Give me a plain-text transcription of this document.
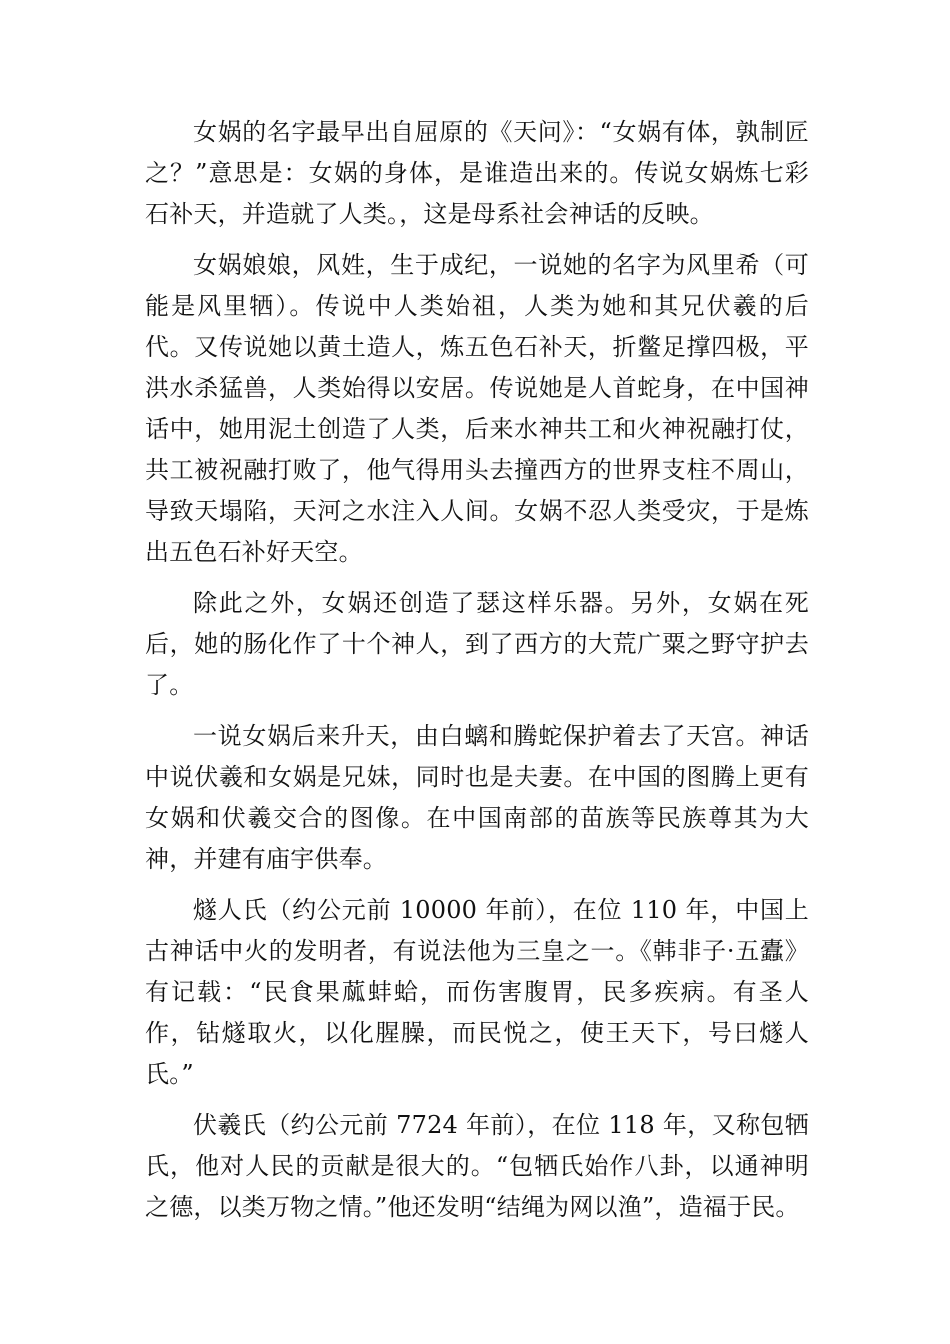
女娲的名字最早出自屈原的《天问》：“女娲有体，孰制匠之？”意思是：女娲的身体，是谁造出来的。传说女娲炼七彩石补天，并造就了人类。，这是母系社会神话的反映。

女娲娘娘，风姓，生于成纪，一说她的名字为风里希（可能是风里牺）。传说中人类始祖，人类为她和其兄伏羲的后代。又传说她以黄土造人，炼五色石补天，折鳖足撑四极，平洪水杀猛兽，人类始得以安居。传说她是人首蛇身，在中国神话中，她用泥土创造了人类，后来水神共工和火神祝融打仗，共工被祝融打败了，他气得用头去撞西方的世界支柱不周山，导致天塌陷，天河之水注入人间。女娲不忍人类受灾，于是炼出五色石补好天空。

除此之外，女娲还创造了瑟这样乐器。另外，女娲在死后，她的肠化作了十个神人，到了西方的大荒广粟之野守护去了。

一说女娲后来升天，由白螭和腾蛇保护着去了天宫。神话中说伏羲和女娲是兄妹，同时也是夫妻。在中国的图腾上更有女娲和伏羲交合的图像。在中国南部的苗族等民族尊其为大神，并建有庙宇供奉。

燧人氏（约公元前 10000 年前），在位 110 年，中国上古神话中火的发明者，有说法他为三皇之一。《韩非子·五蠹》有记载：“民食果蓏蚌蛤，而伤害腹胃，民多疾病。有圣人作，钻燧取火，以化腥臊，而民悦之，使王天下，号曰燧人氏。”

伏羲氏（约公元前 7724 年前），在位 118 年，又称包牺氏，他对人民的贡献是很大的。“包牺氏始作八卦，以通神明之德，以类万物之情。”他还发明“结绳为网以渔”，造福于民。
